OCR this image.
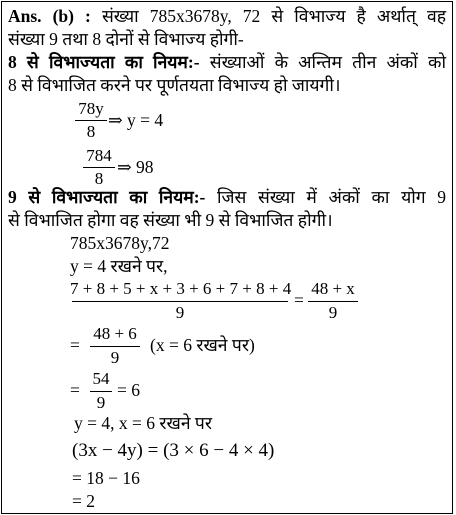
Ans. (b) : संख्या 785x3678y, 72 से विभाज्य है अर्थात् वह
संख्या 9 तथा 8 दोनों से विभाज्य होगी-
8 से विभाज्यता का नियम:- संख्याओं के अन्तिम तीन अंकों को
8 से विभाजित करने पर पूर्णतयता विभाज्य हो जायगी।
78y
8
⇒ y = 4
784
8
⇒ 98
9 से विभाज्यता का नियम:- जिस संख्या में अंकों का योग 9
से विभाजित होगा वह संख्या भी 9 से विभाजित होगी।
785x3678y,72
y = 4 रखने पर,
7 + 8 + 5 + x + 3 + 6 + 7 + 8 + 4
9
=
48 + x
9
=
48 + 6
9
(x = 6 रखने पर)
=
54
9
= 6
y = 4, x = 6 रखने पर
(3x − 4y) = (3 × 6 − 4 × 4)
= 18 − 16
= 2
